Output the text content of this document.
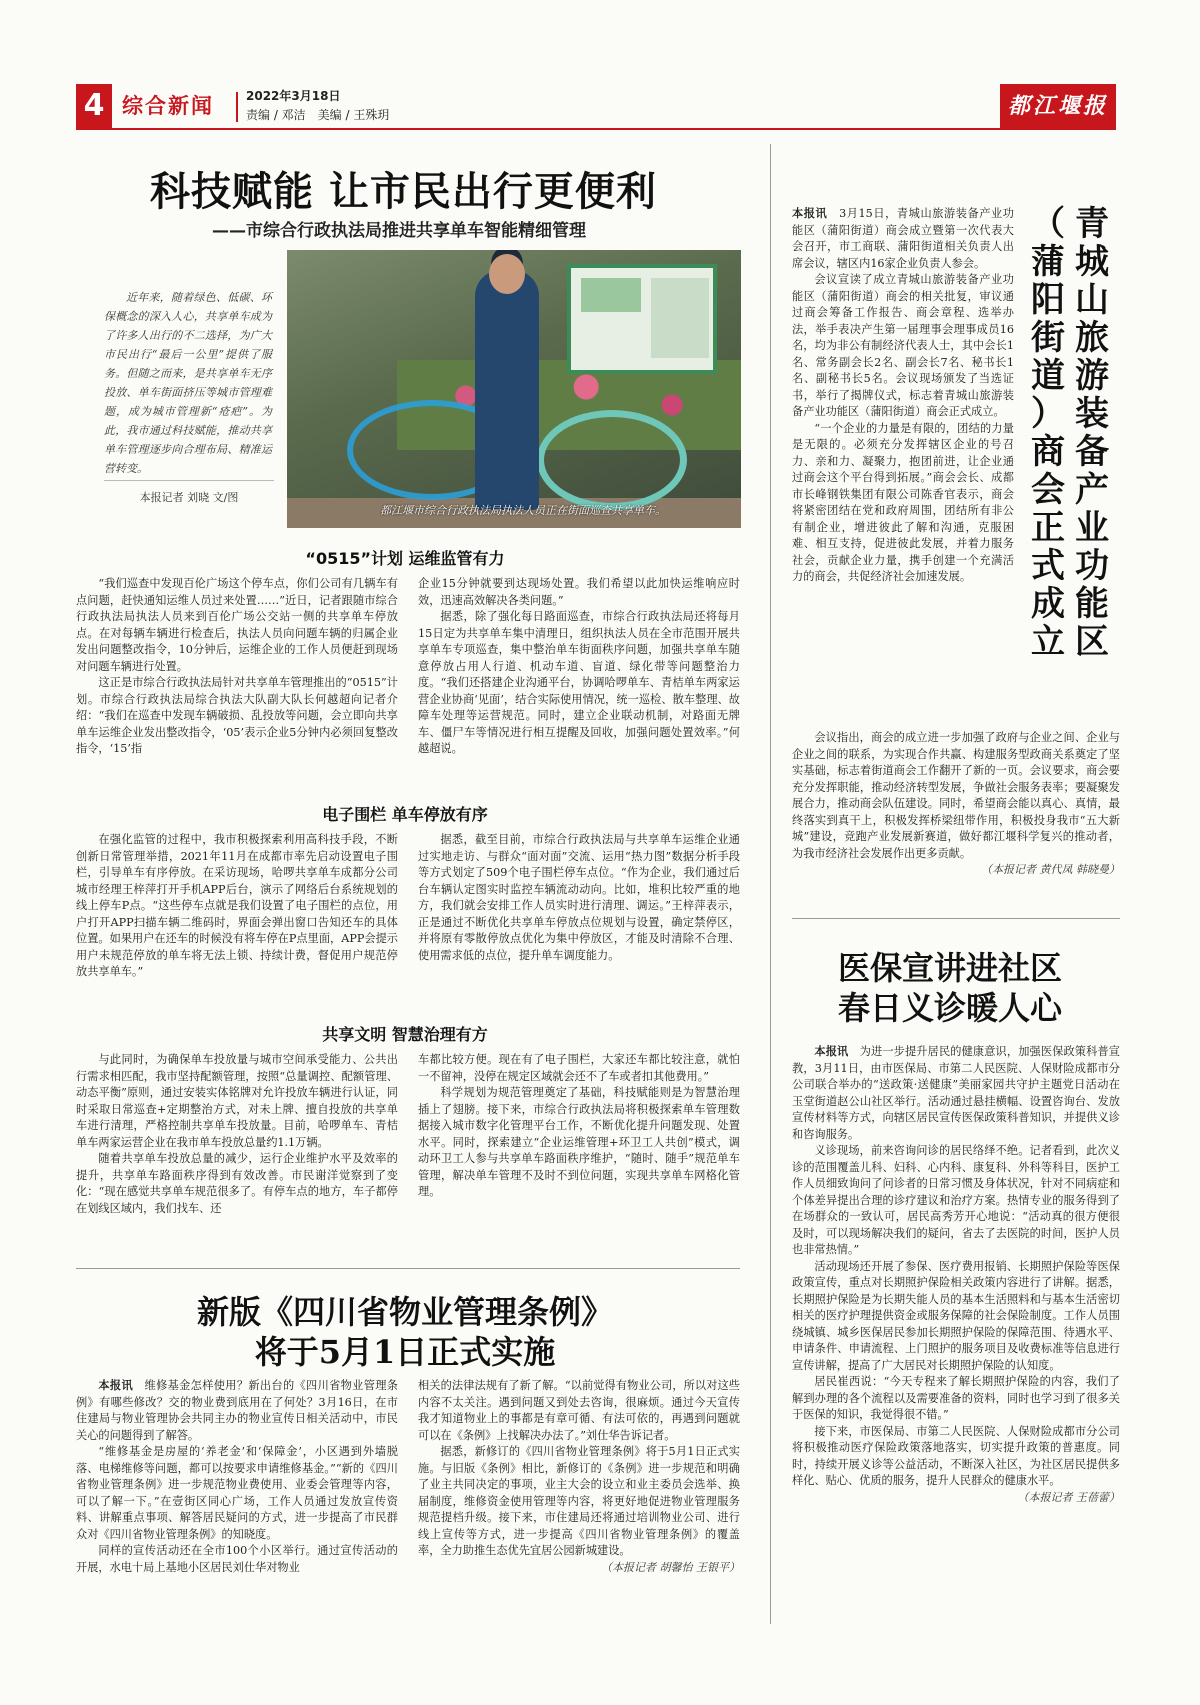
4 综合新闻	2022年3月18日
责编 / 邓洁　美编 / 王殊玥	都江堰报
科技赋能 让市民出行更便利
——市综合行政执法局推进共享单车智能精细管理
近年来，随着绿色、低碳、环保概念的深入人心，共享单车成为了许多人出行的不二选择，为广大市民出行“最后一公里”提供了服务。但随之而来，是共享单车无序投放、单车街面挤压等城市管理难题，成为城市管理新“疮疤”。为此，我市通过科技赋能，推动共享单车管理逐步向合理布局、精准运营转变。
本报记者 刘晓 文/图
都江堰市综合行政执法局执法人员正在街面巡查共享单车。
“0515”计划 运维监管有力

“我们巡查中发现百伦广场这个停车点，你们公司有几辆车有点问题，赶快通知运维人员过来处置……”近日，记者跟随市综合行政执法局执法人员来到百伦广场公交站一侧的共享单车停放点。在对每辆车辆进行检查后，执法人员向问题车辆的归属企业发出问题整改指令，10分钟后，运维企业的工作人员便赶到现场对问题车辆进行处置。

这正是市综合行政执法局针对共享单车管理推出的“0515”计划。市综合行政执法局综合执法大队副大队长何越超向记者介绍：“我们在巡查中发现车辆破损、乱投放等问题，会立即向共享单车运维企业发出整改指令，‘05’表示企业5分钟内必须回复整改指令，‘15’指

企业15分钟就要到达现场处置。我们希望以此加快运维响应时效，迅速高效解决各类问题。”

据悉，除了强化每日路面巡查，市综合行政执法局还将每月15日定为共享单车集中清理日，组织执法人员在全市范围开展共享单车专项巡查，集中整治单车街面秩序问题，加强共享单车随意停放占用人行道、机动车道、盲道、绿化带等问题整治力度。“我们还搭建企业沟通平台，协调哈啰单车、青桔单车两家运营企业协商‘见面’，结合实际使用情况，统一巡检、散车整理、故障车处理等运营规范。同时，建立企业联动机制，对路面无牌车、僵尸车等情况进行相互提醒及回收，加强问题处置效率。”何越超说。

电子围栏 单车停放有序

在强化监管的过程中，我市积极探索利用高科技手段，不断创新日常管理举措，2021年11月在成都市率先启动设置电子围栏，引导单车有序停放。在采访现场，哈啰共享单车成都分公司城市经理王梓萍打开手机APP后台，演示了网络后台系统规划的线上停车P点。“这些停车点就是我们设置了电子围栏的点位，用户打开APP扫描车辆二维码时，界面会弹出窗口告知还车的具体位置。如果用户在还车的时候没有将车停在P点里面，APP会提示用户未规范停放的单车将无法上锁、持续计费，督促用户规范停放共享单车。”

据悉，截至目前，市综合行政执法局与共享单车运维企业通过实地走访、与群众“面对面”交流、运用“热力图”数据分析手段等方式划定了509个电子围栏停车点位。“作为企业，我们通过后台车辆认定图实时监控车辆流动动向。比如，堆积比较严重的地方，我们就会安排工作人员实时进行清理、调运。”王梓萍表示，正是通过不断优化共享单车停放点位规划与设置，确定禁停区，并将原有零散停放点优化为集中停放区，才能及时清除不合理、使用需求低的点位，提升单车调度能力。

共享文明 智慧治理有方

与此同时，为确保单车投放量与城市空间承受能力、公共出行需求相匹配，我市坚持配额管理，按照“总量调控、配额管理、动态平衡”原则，通过安装实体铭牌对允许投放车辆进行认证，同时采取日常巡查+定期整治方式，对未上牌、擅自投放的共享单车进行清理，严格控制共享单车投放量。目前，哈啰单车、青桔单车两家运营企业在我市单车投放总量约1.1万辆。

随着共享单车投放总量的减少，运行企业维护水平及效率的提升，共享单车路面秩序得到有效改善。市民谢洋觉察到了变化：“现在感觉共享单车规范很多了。有停车点的地方，车子都停在划线区域内，我们找车、还

车都比较方便。现在有了电子围栏，大家还车都比较注意，就怕一不留神，没停在规定区域就会还不了车或者扣其他费用。”

科学规划为规范管理奠定了基础，科技赋能则是为智慧治理插上了翅膀。接下来，市综合行政执法局将积极探索单车管理数据接入城市数字化管理平台工作，不断优化提升问题发现、处置水平。同时，探索建立“企业运维管理+环卫工人共创”模式，调动环卫工人参与共享单车路面秩序维护，“随时、随手”规范单车管理，解决单车管理不及时不到位问题，实现共享单车网格化管理。

新版《四川省物业管理条例》
将于5月1日正式实施

本报讯　 维修基金怎样使用？新出台的《四川省物业管理条例》有哪些修改？交的物业费到底用在了何处？3月16日，在市住建局与物业管理协会共同主办的物业宣传日相关活动中，市民关心的问题得到了解答。

“维修基金是房屋的‘养老金’和‘保障金’，小区遇到外墙脱落、电梯维修等问题，都可以按要求申请维修基金。”“新的《四川省物业管理条例》进一步规范物业费使用、业委会管理等内容，可以了解一下。”在壹街区同心广场，工作人员通过发放宣传资料、讲解重点事项、解答居民疑问的方式，进一步提高了市民群众对《四川省物业管理条例》的知晓度。

同样的宣传活动还在全市100个小区举行。通过宣传活动的开展，水电十局上基地小区居民刘仕华对物业

相关的法律法规有了新了解。“以前觉得有物业公司，所以对这些内容不太关注。遇到问题又到处去咨询，很麻烦。通过今天宣传我才知道物业上的事都是有章可循、有法可依的，再遇到问题就可以在《条例》上找解决办法了。”刘仕华告诉记者。

据悉，新修订的《四川省物业管理条例》将于5月1日正式实施。与旧版《条例》相比，新修订的《条例》进一步规范和明确了业主共同决定的事项，业主大会的设立和业主委员会选举、换届制度，维修资金使用管理等内容，将更好地促进物业管理服务规范提档升级。接下来，市住建局还将通过培训物业公司、进行线上宣传等方式，进一步提高《四川省物业管理条例》的覆盖率，全力助推生态优先宜居公园新城建设。

（本报记者 胡馨怡 王银平）
青
城
山
旅
游
装
备
产
业
功
能
区
（
蒲
阳
街
道
）
商
会
正
式
成
立

本报讯　 3月15日，青城山旅游装备产业功能区（蒲阳街道）商会成立暨第一次代表大会召开，市工商联、蒲阳街道相关负责人出席会议，辖区内16家企业负责人参会。

会议宣读了成立青城山旅游装备产业功能区（蒲阳街道）商会的相关批复，审议通过商会筹备工作报告、商会章程、选举办法，举手表决产生第一届理事会理事成员16名，均为非公有制经济代表人士，其中会长1名、常务副会长2名、副会长7名、秘书长1名、副秘书长5名。会议现场颁发了当选证书，举行了揭牌仪式，标志着青城山旅游装备产业功能区（蒲阳街道）商会正式成立。

“一个企业的力量是有限的，团结的力量是无限的。必须充分发挥辖区企业的号召力、亲和力、凝聚力，抱团前进，让企业通过商会这个平台得到拓展。”商会会长、成都市长峰钢铁集团有限公司陈香官表示，商会将紧密团结在党和政府周围，团结所有非公有制企业，增进彼此了解和沟通，克服困难、相互支持，促进彼此发展，并着力服务社会，贡献企业力量，携手创建一个充满活力的商会，共促经济社会加速发展。

会议指出，商会的成立进一步加强了政府与企业之间、企业与企业之间的联系，为实现合作共赢、构建服务型政商关系奠定了坚实基础，标志着街道商会工作翻开了新的一页。会议要求，商会要充分发挥职能，推动经济转型发展，争做社会服务表率；要凝聚发展合力，推动商会队伍建设。同时，希望商会能以真心、真情，最终落实到真干上，积极发挥桥梁纽带作用，积极投身我市“五大新城”建设，竞跑产业发展新赛道，做好都江堰科学复兴的推动者，为我市经济社会发展作出更多贡献。

（本报记者 黄代凤 韩晓曼）
医保宣讲进社区
春日义诊暖人心

本报讯　 为进一步提升居民的健康意识，加强医保政策科普宣教，3月11日，由市医保局、市第二人民医院、人保财险成都市分公司联合举办的“送政策·送健康”美丽家园共守护主题党日活动在玉堂街道赵公山社区举行。活动通过悬挂横幅、设置咨询台、发放宣传材料等方式，向辖区居民宣传医保政策科普知识，并提供义诊和咨询服务。

义诊现场，前来咨询问诊的居民络绎不绝。记者看到，此次义诊的范围覆盖儿科、妇科、心内科、康复科、外科等科目，医护工作人员细致询问了问诊者的日常习惯及身体状况，针对不同病症和个体差异提出合理的诊疗建议和治疗方案。热情专业的服务得到了在场群众的一致认可，居民高秀芳开心地说：“活动真的很方便很及时，可以现场解决我们的疑问，省去了去医院的时间，医护人员也非常热情。”

活动现场还开展了参保、医疗费用报销、长期照护保险等医保政策宣传，重点对长期照护保险相关政策内容进行了讲解。据悉，长期照护保险是为长期失能人员的基本生活照料和与基本生活密切相关的医疗护理提供资金或服务保障的社会保险制度。工作人员围绕城镇、城乡医保居民参加长期照护保险的保障范围、待遇水平、申请条件、申请流程、上门照护的服务项目及收费标准等信息进行宣传讲解，提高了广大居民对长期照护保险的认知度。

居民崔西说：“今天专程来了解长期照护保险的内容，我们了解到办理的各个流程以及需要准备的资料，同时也学习到了很多关于医保的知识，我觉得很不错。”

接下来，市医保局、市第二人民医院、人保财险成都市分公司将积极推动医疗保险政策落地落实，切实提升政策的普惠度。同时，持续开展义诊等公益活动，不断深入社区，为社区居民提供多样化、贴心、优质的服务，提升人民群众的健康水平。

（本报记者 王蓓蕾）
